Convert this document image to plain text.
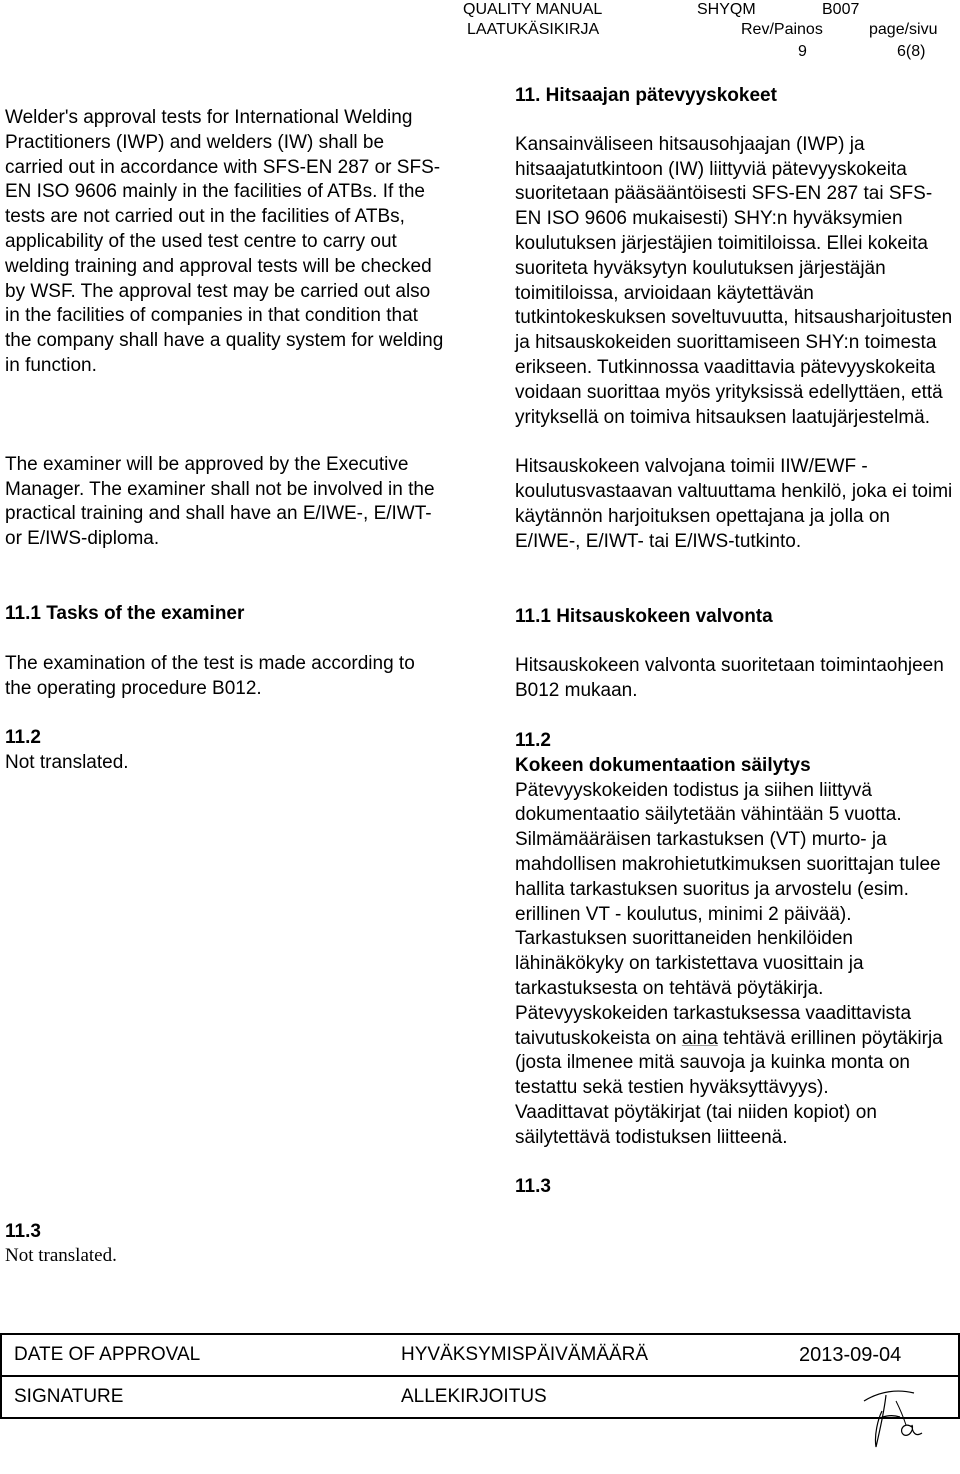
QUALITY MANUAL
LAATUKÄSIKIRJA
SHYQM
Rev/Painos
B007
page/sivu
9	6(8)

Welder's approval tests for International Welding Practitioners (IWP) and welders (IW) shall be carried out in accordance with SFS-EN 287 or SFS-EN ISO 9606 mainly in the facilities of ATBs. If the tests are not carried out in the facilities of ATBs, applicability of the used test centre to carry out welding training and approval tests will be checked by WSF. The approval test may be carried out also in the facilities of companies in that condition that the company shall have a quality system for welding in function.

The examiner will be approved by the Executive Manager. The examiner shall not be involved in the practical training and shall have an E/IWE-, E/IWT- or E/IWS-diploma.

11.1 Tasks of the examiner

The examination of the test is made according to the operating procedure B012.

11.2

Not translated.

11.3
Not translated.

11. Hitsaajan pätevyyskokeet

Kansainväliseen hitsausohjaajan (IWP) ja hitsaajatutkintoon (IW) liittyviä pätevyyskokeita suoritetaan pääsääntöisesti SFS-EN 287 tai SFS-EN ISO 9606 mukaisesti) SHY:n hyväksymien koulutuksen järjestäjien toimitiloissa. Ellei kokeita suoriteta hyväksytyn koulutuksen järjestäjän toimitiloissa, arvioidaan käytettävän tutkintokeskuksen soveltuvuutta, hitsausharjoitusten ja hitsauskokeiden suorittamiseen SHY:n toimesta erikseen. Tutkinnossa vaadittavia pätevyyskokeita voidaan suorittaa myös yrityksissä edellyttäen, että yrityksellä on toimiva hitsauksen laatujärjestelmä.

Hitsauskokeen valvojana toimii IIW/EWF -koulutusvastaavan valtuuttama henkilö, joka ei toimi käytännön harjoituksen opettajana ja jolla on E/IWE-, E/IWT- tai E/IWS-tutkinto.

11.1 Hitsauskokeen valvonta

Hitsauskokeen valvonta suoritetaan toimintaohjeen B012 mukaan.

11.2

Kokeen dokumentaation säilytys

Pätevyyskokeiden todistus ja siihen liittyvä dokumentaatio säilytetään vähintään 5 vuotta. Silmämääräisen tarkastuksen (VT) murto- ja mahdollisen makrohietutkimuksen suorittajan tulee hallita tarkastuksen suoritus ja arvostelu (esim. erillinen VT - koulutus, minimi 2 päivää).

Tarkastuksen suorittaneiden henkilöiden lähinäkökyky on tarkistettava vuosittain ja tarkastuksesta on tehtävä pöytäkirja.

Pätevyyskokeiden tarkastuksessa vaadittavista taivutuskokeista on aina tehtävä erillinen pöytäkirja (josta ilmenee mitä sauvoja ja kuinka monta on testattu sekä testien hyväksyttävyys).

Vaadittavat pöytäkirjat (tai niiden kopiot) on säilytettävä todistuksen liitteenä.

11.3

DATE OF APPROVAL	HYVÄKSYMISPÄIVÄMÄÄRÄ	2013-09-04
SIGNATURE	ALLEKIRJOITUS	
